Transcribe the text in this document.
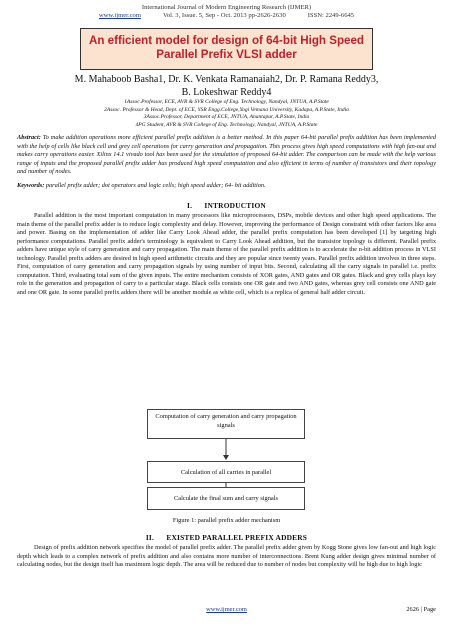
International Journal of Modern Engineering Research (IJMER)
www.ijmer.com	Vol. 3, Issue. 5, Sep - Oct. 2013 pp-2626-2630	ISSN: 2249-6645
An efficient model for design of 64-bit High Speed
Parallel Prefix VLSI adder
M. Mahaboob Basha1, Dr. K. Venkata Ramanaiah2, Dr. P. Ramana Reddy3,
B. Lokeshwar Reddy4
1Assoc.Professor, ECE, AVR & SVR College of Eng. Technology, Nandyal, JNTUA, A.P.State
2Assoc. Professor & Head, Dept. of ECE, YSR Engg.College,Yogi Vemana University, Kadapa, A.P.State, India
3Assoc.Professor, Department of ECE, JNTUA, Anantapur, A.P.State, India
4PG Student, AVR & SVR College of Eng. Technology, Nandyal, JNTUA, A.P.State
Abstract: To make addition operations more efficient parallel prefix addition is a better method. In this paper 64-bit parallel prefix addition has been implemented with the help of cells like black cell and grey cell operations for carry generation and propagation. This process gives high speed computations with high fan-out and makes carry operations easier. Xilinx 14.1 vivado tool has been used for the simulation of proposed 64-bit adder. The comparison can be made with the help various range of inputs and the proposed parallel prefix adder has produced high speed computation and also efficient in terms of number of transistors and their topology and number of nodes.
Keywords: parallel prefix adder; dot operators and logic cells; high speed adder; 64- bit addition.
I.      INTRODUCTION

Parallel addition is the most important computation in many processors like microprocessors, DSPs, mobile devices and other high speed applications. The main theme of the parallel prefix adder is to reduce logic complexity and delay. However, improving the performance of Design constraint with other factors like area and power. Basing on the implementation of adder like Carry Look Ahead adder, the parallel prefix computation has been developed [1] by targeting high performance computations. Parallel prefix adder's terminology is equivalent to Carry Look Ahead addition, but the transistor topology is different. Parallel prefix adders have unique style of carry generation and carry propagation. The main theme of the parallel prefix addition is to accelerate the n-bit addition process in VLSI technology. Parallel prefix adders are desired in high speed arithmetic circuits and they are popular since twenty years. Parallel prefix addition involves in three steps. First, computation of carry generation and carry propagation signals by using number of input bits. Second, calculating all the carry signals in parallel i.e. prefix computation. Third, evaluating total sum of the given inputs. The entire mechanism consists of XOR gates, AND gates and OR gates. Black and grey cells plays key role in the generation and propagation of carry to a particular stage. Black cells consists one OR gate and two AND gates, whereas grey cell consists one AND gate and one OR gate. In some parallel prefix adders there will be another module as white cell, which is a replica of general half adder circuit.

Computation of carry generation and carry propagation signals
Calculation of all carries in parallel
Calculate the final sum and carry signals
Figure 1: parallel prefix adder mechanism
II.      EXISTED PARALLEL PREFIX ADDERS

Design of prefix addition network specifies the model of parallel prefix adder. The parallel prefix adder given by Kogg Stone gives low fan-out and high logic depth which leads to a complex network of prefix addition and also contains more number of interconnections. Brent Kung adder design gives minimal number of calculating nodes, but the design itself has maximum logic depth. The area will be reduced due to number of nodes but complexity will be high due to high logic

www.ijmer.com	2626 | Page
